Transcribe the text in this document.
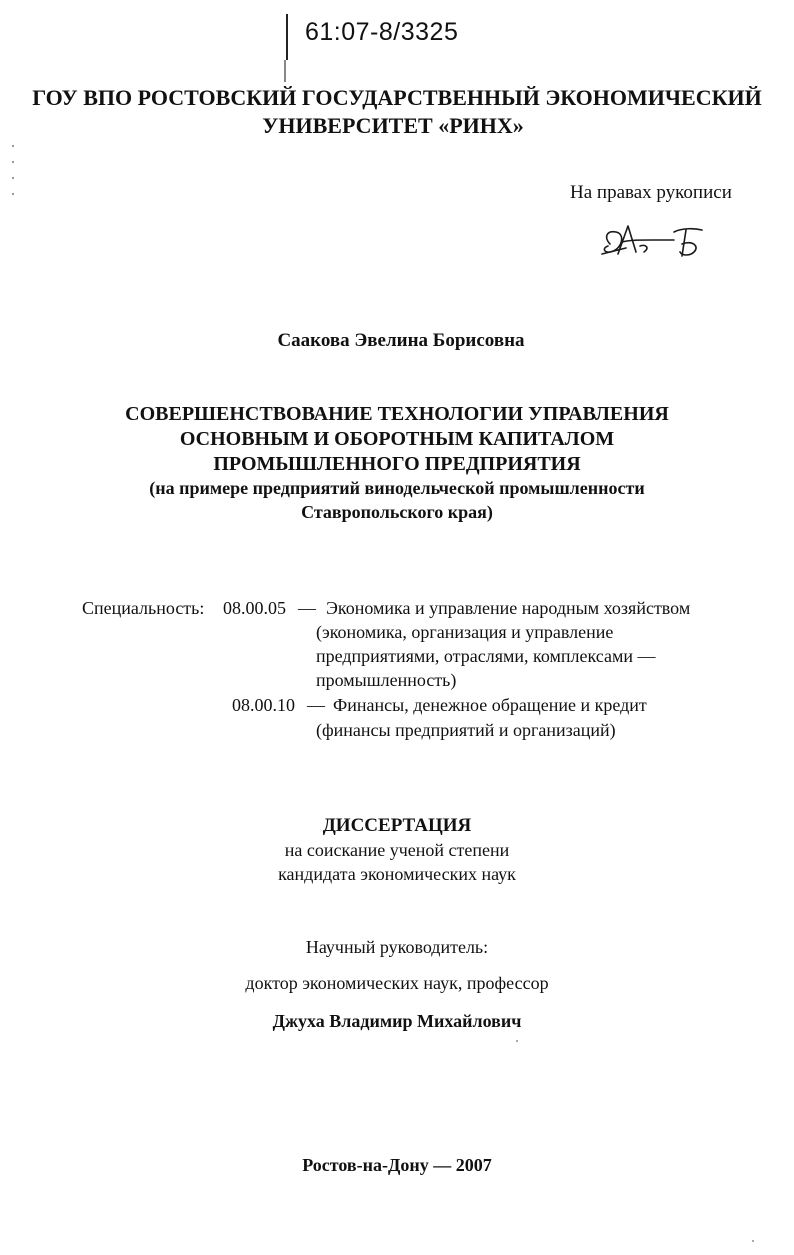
61:07-8/3325
ГОУ ВПО РОСТОВСКИЙ ГОСУДАРСТВЕННЫЙ ЭКОНОМИЧЕСКИЙ
УНИВЕРСИТЕТ «РИНХ»
На правах рукописи
Саакова Эвелина Борисовна
СОВЕРШЕНСТВОВАНИЕ ТЕХНОЛОГИИ УПРАВЛЕНИЯ
ОСНОВНЫМ И ОБОРОТНЫМ КАПИТАЛОМ
ПРОМЫШЛЕННОГО ПРЕДПРИЯТИЯ
(на примере предприятий винодельческой промышленности
Ставропольского края)
Специальность: 08.00.05 — Экономика и управление народным хозяйством
(экономика, организация и управление
предприятиями, отраслями, комплексами —
промышленность)
08.00.10 — Финансы, денежное обращение и кредит
(финансы предприятий и организаций)
ДИССЕРТАЦИЯ
на соискание ученой степени
кандидата экономических наук
Научный руководитель:
доктор экономических наук, профессор
Джуха Владимир Михайлович
Ростов-на-Дону — 2007
